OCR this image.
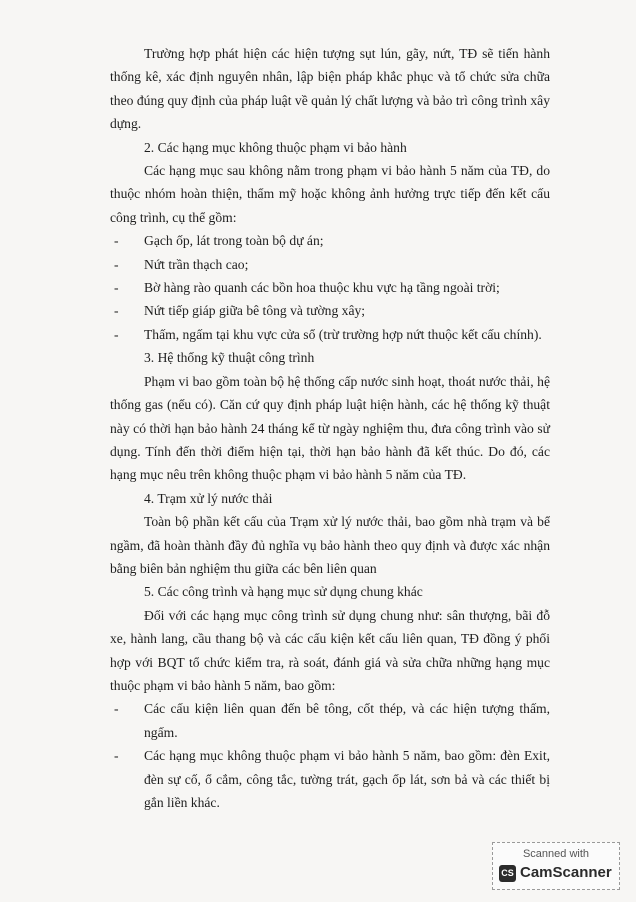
Trường hợp phát hiện các hiện tượng sụt lún, gãy, nứt, TĐ sẽ tiến hành thống kê, xác định nguyên nhân, lập biện pháp khắc phục và tổ chức sửa chữa theo đúng quy định của pháp luật về quản lý chất lượng và bảo trì công trình xây dựng.

2. Các hạng mục không thuộc phạm vi bảo hành

Các hạng mục sau không nằm trong phạm vi bảo hành 5 năm của TĐ, do thuộc nhóm hoàn thiện, thẩm mỹ hoặc không ảnh hưởng trực tiếp đến kết cấu công trình, cụ thể gồm:

- Gạch ốp, lát trong toàn bộ dự án;

- Nứt trần thạch cao;

- Bờ hàng rào quanh các bồn hoa thuộc khu vực hạ tầng ngoài trời;

- Nứt tiếp giáp giữa bê tông và tường xây;

- Thấm, ngấm tại khu vực cửa sổ (trừ trường hợp nứt thuộc kết cấu chính).

3. Hệ thống kỹ thuật công trình

Phạm vi bao gồm toàn bộ hệ thống cấp nước sinh hoạt, thoát nước thải, hệ thống gas (nếu có). Căn cứ quy định pháp luật hiện hành, các hệ thống kỹ thuật này có thời hạn bảo hành 24 tháng kể từ ngày nghiệm thu, đưa công trình vào sử dụng. Tính đến thời điểm hiện tại, thời hạn bảo hành đã kết thúc. Do đó, các hạng mục nêu trên không thuộc phạm vi bảo hành 5 năm của TĐ.

4. Trạm xử lý nước thải

Toàn bộ phần kết cấu của Trạm xử lý nước thải, bao gồm nhà trạm và bể ngầm, đã hoàn thành đầy đủ nghĩa vụ bảo hành theo quy định và được xác nhận bằng biên bản nghiệm thu giữa các bên liên quan

5. Các công trình và hạng mục sử dụng chung khác

Đối với các hạng mục công trình sử dụng chung như: sân thượng, bãi đỗ xe, hành lang, cầu thang bộ và các cấu kiện kết cấu liên quan, TĐ đồng ý phối hợp với BQT tổ chức kiểm tra, rà soát, đánh giá và sửa chữa những hạng mục thuộc phạm vi bảo hành 5 năm, bao gồm:

- Các cấu kiện liên quan đến bê tông, cốt thép, và các hiện tượng thấm, ngấm.

- Các hạng mục không thuộc phạm vi bảo hành 5 năm, bao gồm: đèn Exit, đèn sự cố, ổ cắm, công tắc, tường trát, gạch ốp lát, sơn bả và các thiết bị gắn liền khác.

Scanned with
CS CamScanner
